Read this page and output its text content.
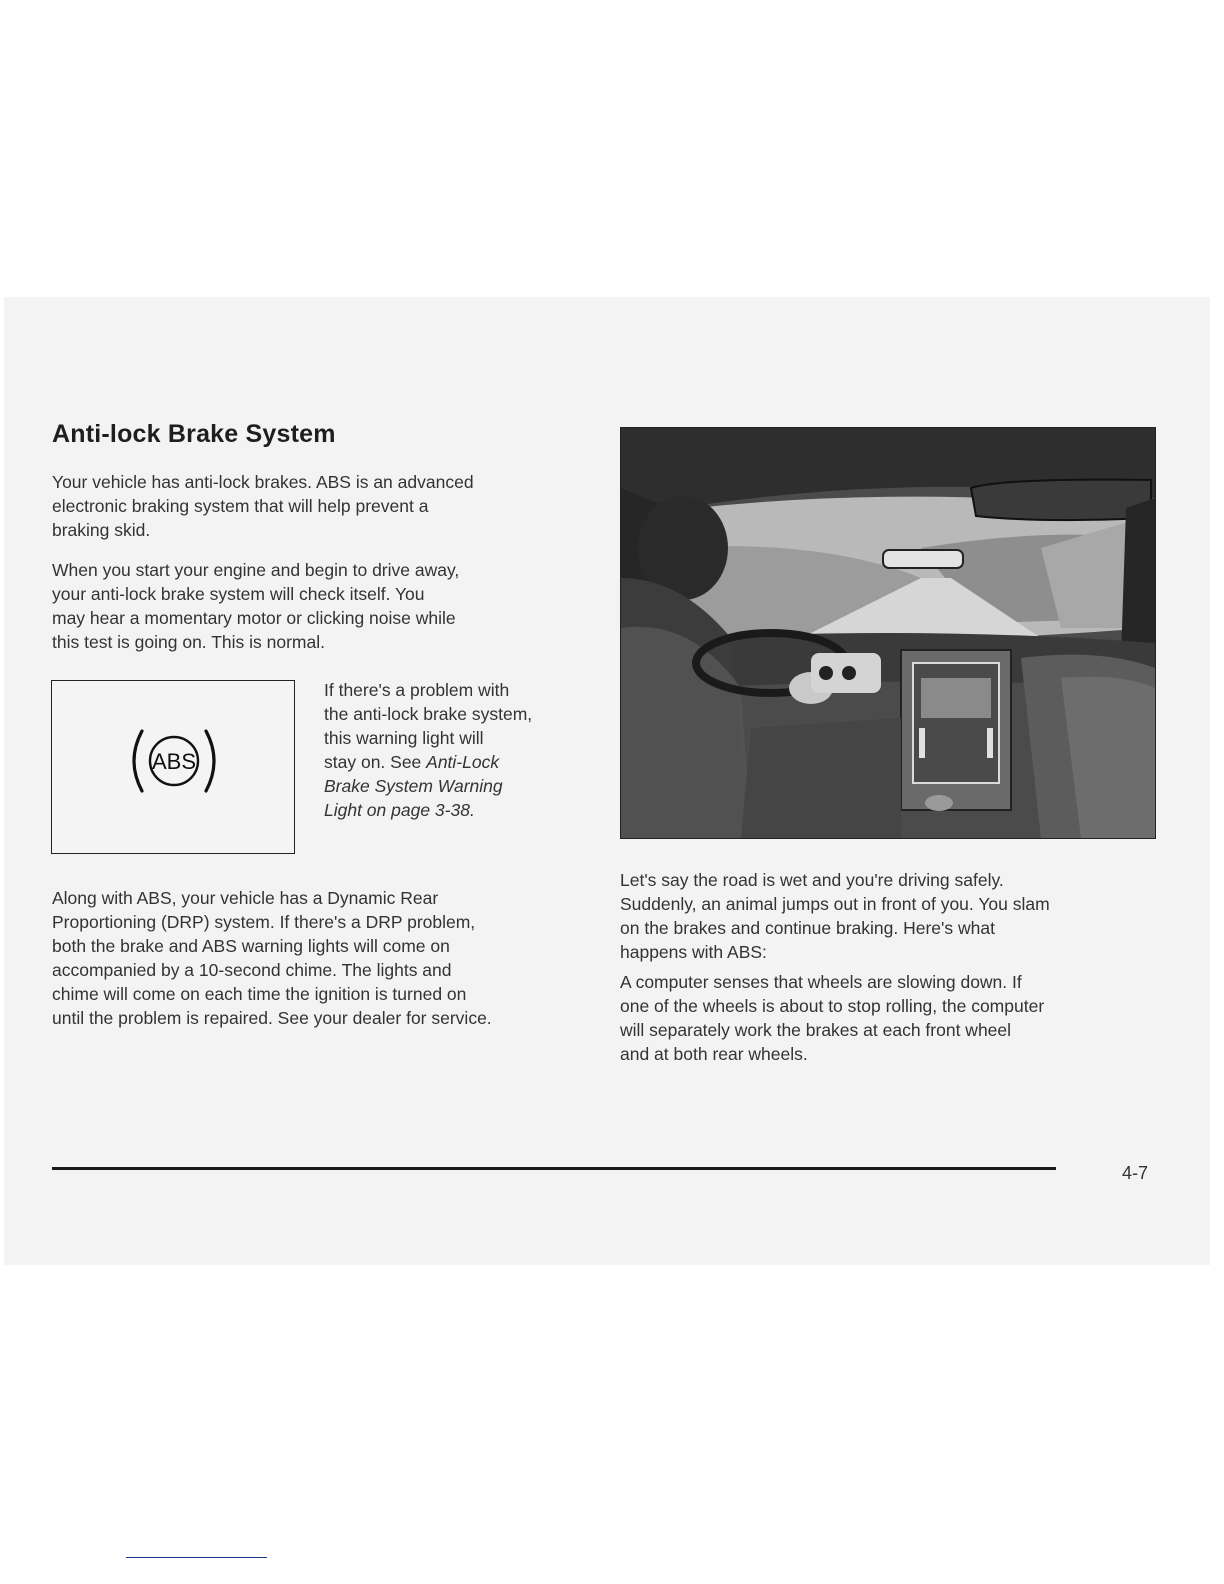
Anti-lock Brake System

Your vehicle has anti-lock brakes. ABS is an advanced
electronic braking system that will help prevent a
braking skid.

When you start your engine and begin to drive away,
your anti-lock brake system will check itself. You
may hear a momentary motor or clicking noise while
this test is going on. This is normal.

ABS

If there's a problem with
the anti-lock brake system,
this warning light will
stay on. See Anti-Lock
Brake System Warning
Light on page 3-38.

Along with ABS, your vehicle has a Dynamic Rear
Proportioning (DRP) system. If there's a DRP problem,
both the brake and ABS warning lights will come on
accompanied by a 10-second chime. The lights and
chime will come on each time the ignition is turned on
until the problem is repaired. See your dealer for service.

Let's say the road is wet and you're driving safely.
Suddenly, an animal jumps out in front of you. You slam
on the brakes and continue braking. Here's what
happens with ABS:

A computer senses that wheels are slowing down. If
one of the wheels is about to stop rolling, the computer
will separately work the brakes at each front wheel
and at both rear wheels.

4-7
